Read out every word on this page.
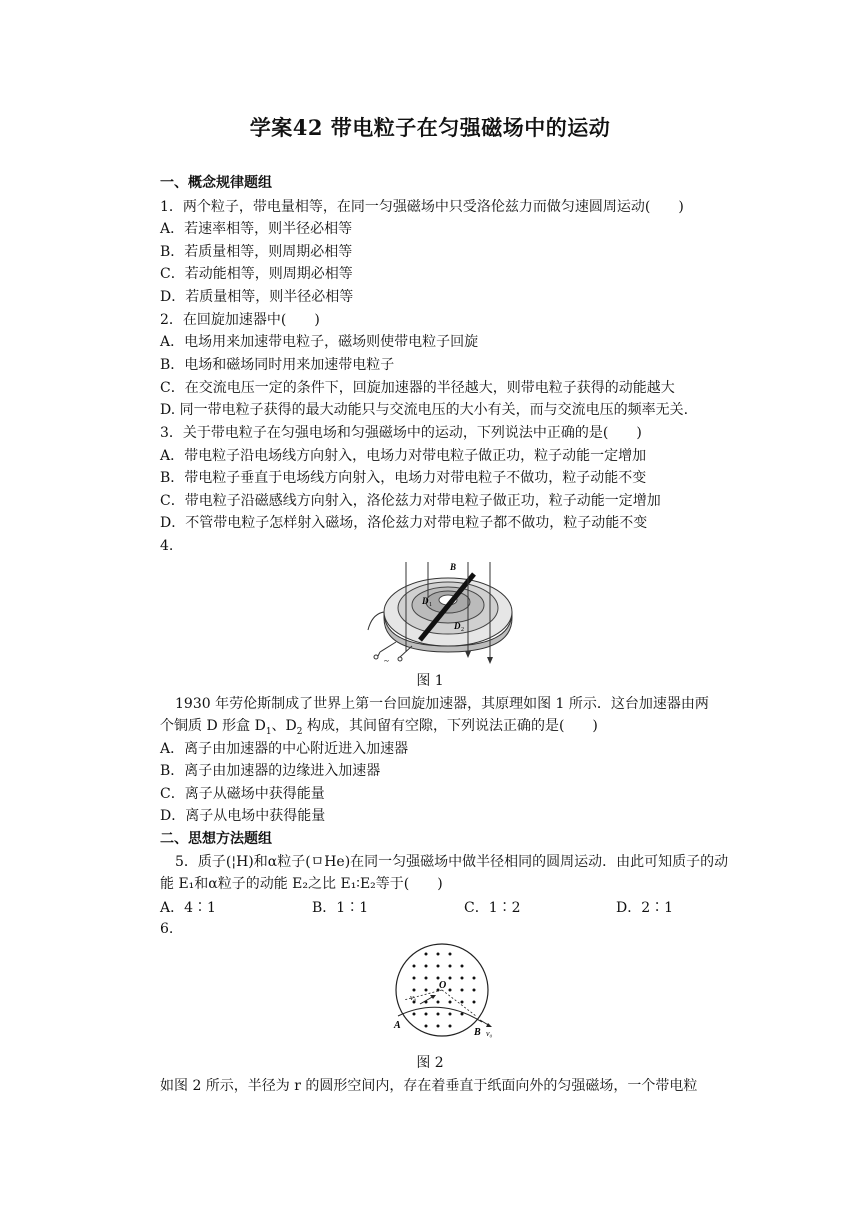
学案42 带电粒子在匀强磁场中的运动
一、概念规律题组
1．两个粒子，带电量相等，在同一匀强磁场中只受洛伦兹力而做匀速圆周运动(　　)
A．若速率相等，则半径必相等
B．若质量相等，则周期必相等
C．若动能相等，则周期必相等
D．若质量相等，则半径必相等
2．在回旋加速器中(　　)
A．电场用来加速带电粒子，磁场则使带电粒子回旋
B．电场和磁场同时用来加速带电粒子
C．在交流电压一定的条件下，回旋加速器的半径越大，则带电粒子获得的动能越大
D. 同一带电粒子获得的最大动能只与交流电压的大小有关，而与交流电压的频率无关.
3．关于带电粒子在匀强电场和匀强磁场中的运动，下列说法中正确的是(　　)
A．带电粒子沿电场线方向射入，电场力对带电粒子做正功，粒子动能一定增加
B．带电粒子垂直于电场线方向射入，电场力对带电粒子不做功，粒子动能不变
C．带电粒子沿磁感线方向射入，洛伦兹力对带电粒子做正功，粒子动能一定增加
D．不管带电粒子怎样射入磁场，洛伦兹力对带电粒子都不做功，粒子动能不变
4.
B
D 1
D 2
~
图 1
1930 年劳伦斯制成了世界上第一台回旋加速器，其原理如图 1 所示．这台加速器由两
个铜质 D 形盒 $D_1$、$D_2$ 构成，其间留有空隙，下列说法正确的是(　　)
A．离子由加速器的中心附近进入加速器
B．离子由加速器的边缘进入加速器
C．离子从磁场中获得能量
D．离子从电场中获得能量
二、思想方法题组
5．质子(¦H)和α粒子(ㅁHe)在同一匀强磁场中做半径相同的圆周运动．由此可知质子的动
能 E₁和α粒子的动能 E₂之比 E₁∶E₂等于(　　)
A．4∶1	B．1∶1	C．1∶2	D．2∶1
6.
O
A
B
v₀
v₀
图 2
如图 2 所示，半径为 r 的圆形空间内，存在着垂直于纸面向外的匀强磁场，一个带电粒
